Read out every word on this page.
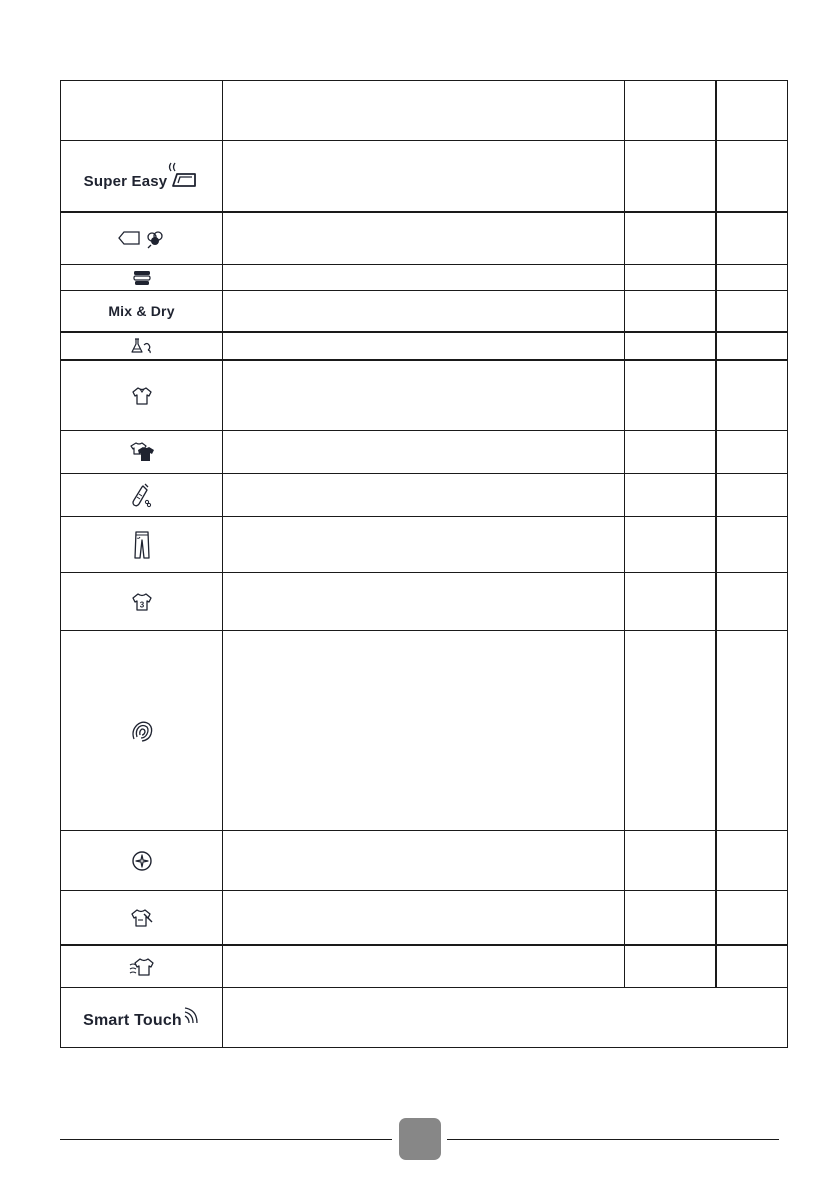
Super Easy
Mix & Dry
3
Smart Touch
